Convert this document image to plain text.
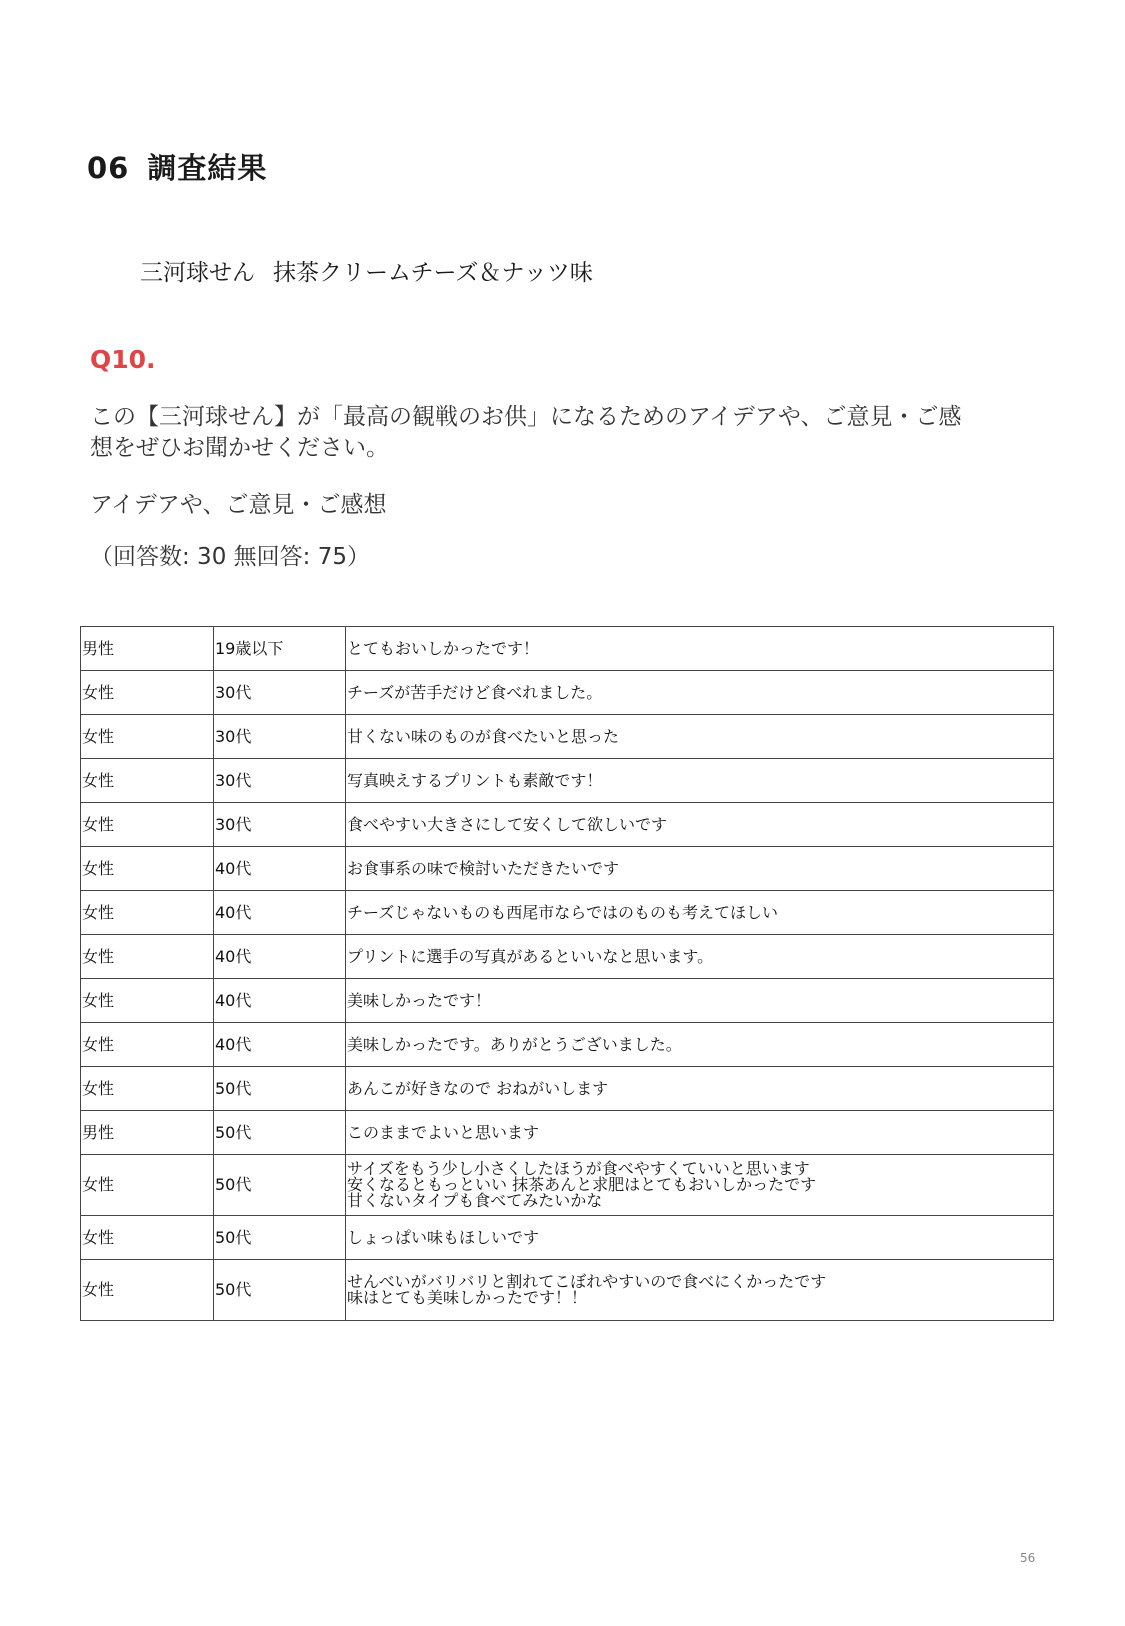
06 調査結果
三河球せん 抹茶クリームチーズ＆ナッツ味
Q10.
この【三河球せん】が「最高の観戦のお供」になるためのアイデアや、ご意見・ご感
想をぜひお聞かせください。
アイデアや、ご意見・ご感想
（回答数: 30 無回答: 75）
男性	19歳以下	とてもおいしかったです！

女性	30代	チーズが苦手だけど食べれました。

女性	30代	甘くない味のものが食べたいと思った

女性	30代	写真映えするプリントも素敵です！

女性	30代	食べやすい大きさにして安くして欲しいです

女性	40代	お食事系の味で検討いただきたいです

女性	40代	チーズじゃないものも西尾市ならではのものも考えてほしい

女性	40代	プリントに選手の写真があるといいなと思います。

女性	40代	美味しかったです！

女性	40代	美味しかったです。ありがとうございました。

女性	50代	あんこが好きなので おねがいします

男性	50代	このままでよいと思います

女性	50代	サイズをもう少し小さくしたほうが食べやすくていいと思います
安くなるともっといい 抹茶あんと求肥はとてもおいしかったです
甘くないタイプも食べてみたいかな

女性	50代	しょっぱい味もほしいです

女性	50代	せんべいがバリバリと割れてこぼれやすいので食べにくかったです
味はとても美味しかったです！！
56
